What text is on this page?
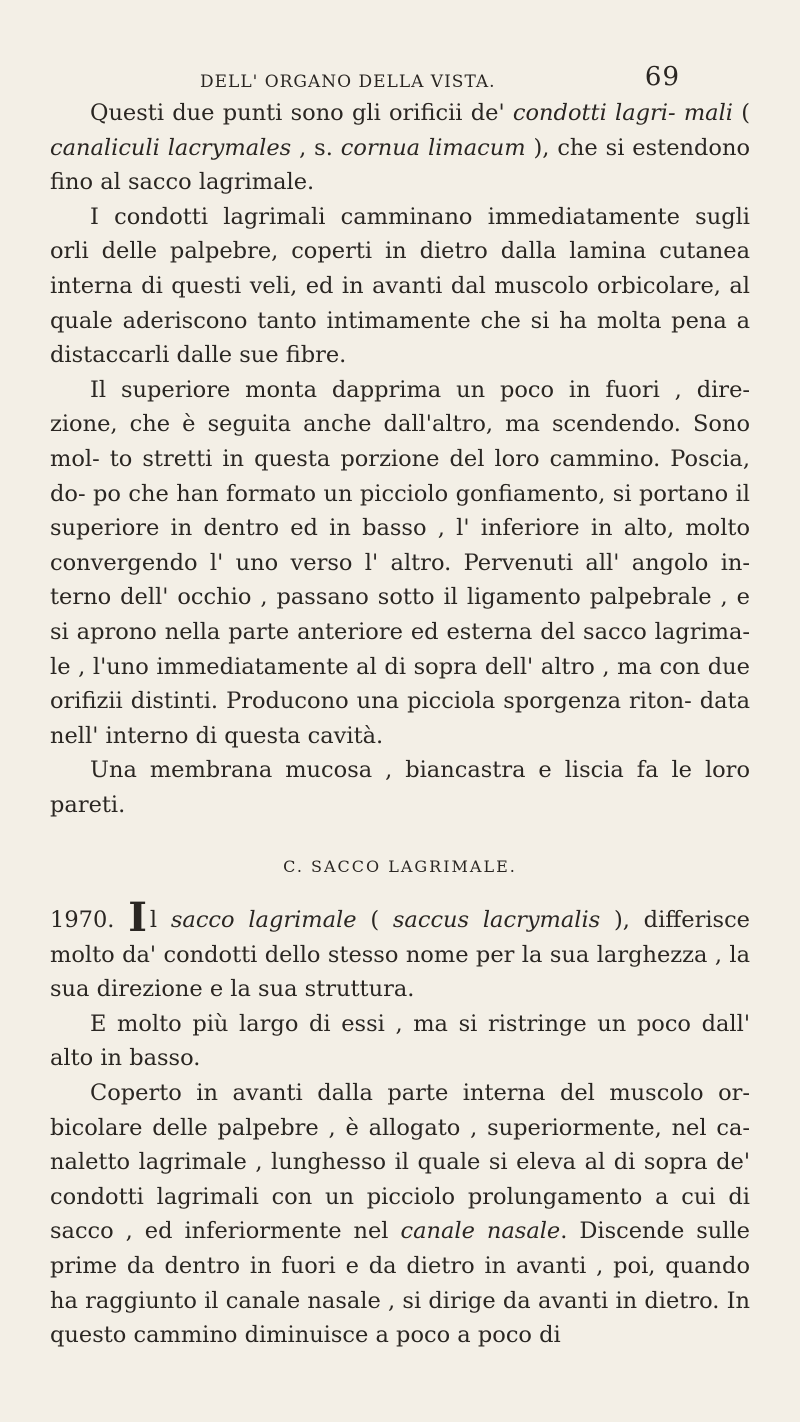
DELL' ORGANO DELLA VISTA.	69

Questi due punti sono gli orificii de' condotti lagri- mali ( canaliculi lacrymales , s. cornua limacum ), che si estendono fino al sacco lagrimale.

I condotti lagrimali camminano immediatamente sugli orli delle palpebre, coperti in dietro dalla lamina cutanea interna di questi veli, ed in avanti dal muscolo orbicolare, al quale aderiscono tanto intimamente che si ha molta pena a distaccarli dalle sue fibre.

Il superiore monta dapprima un poco in fuori , dire- zione, che è seguita anche dall'altro, ma scendendo. Sono mol- to stretti in questa porzione del loro cammino. Poscia, do- po che han formato un picciolo gonfiamento, si portano il superiore in dentro ed in basso , l' inferiore in alto, molto convergendo l' uno verso l' altro. Pervenuti all' angolo in- terno dell' occhio , passano sotto il ligamento palpebrale , e si aprono nella parte anteriore ed esterna del sacco lagrima- le , l'uno immediatamente al di sopra dell' altro , ma con due orifizii distinti. Producono una picciola sporgenza riton- data nell' interno di questa cavità.

Una membrana mucosa , biancastra e liscia fa le loro pareti.

C. SACCO LAGRIMALE.

1970. I l sacco lagrimale ( saccus lacrymalis ), differisce molto da' condotti dello stesso nome per la sua larghezza , la sua direzione e la sua struttura.

E molto più largo di essi , ma si ristringe un poco dall' alto in basso.

Coperto in avanti dalla parte interna del muscolo or- bicolare delle palpebre , è allogato , superiormente, nel ca- naletto lagrimale , lunghesso il quale si eleva al di sopra de' condotti lagrimali con un picciolo prolungamento a cui di sacco , ed inferiormente nel canale nasale. Discende sulle prime da dentro in fuori e da dietro in avanti , poi, quando ha raggiunto il canale nasale , si dirige da avanti in dietro. In questo cammino diminuisce a poco a poco di
